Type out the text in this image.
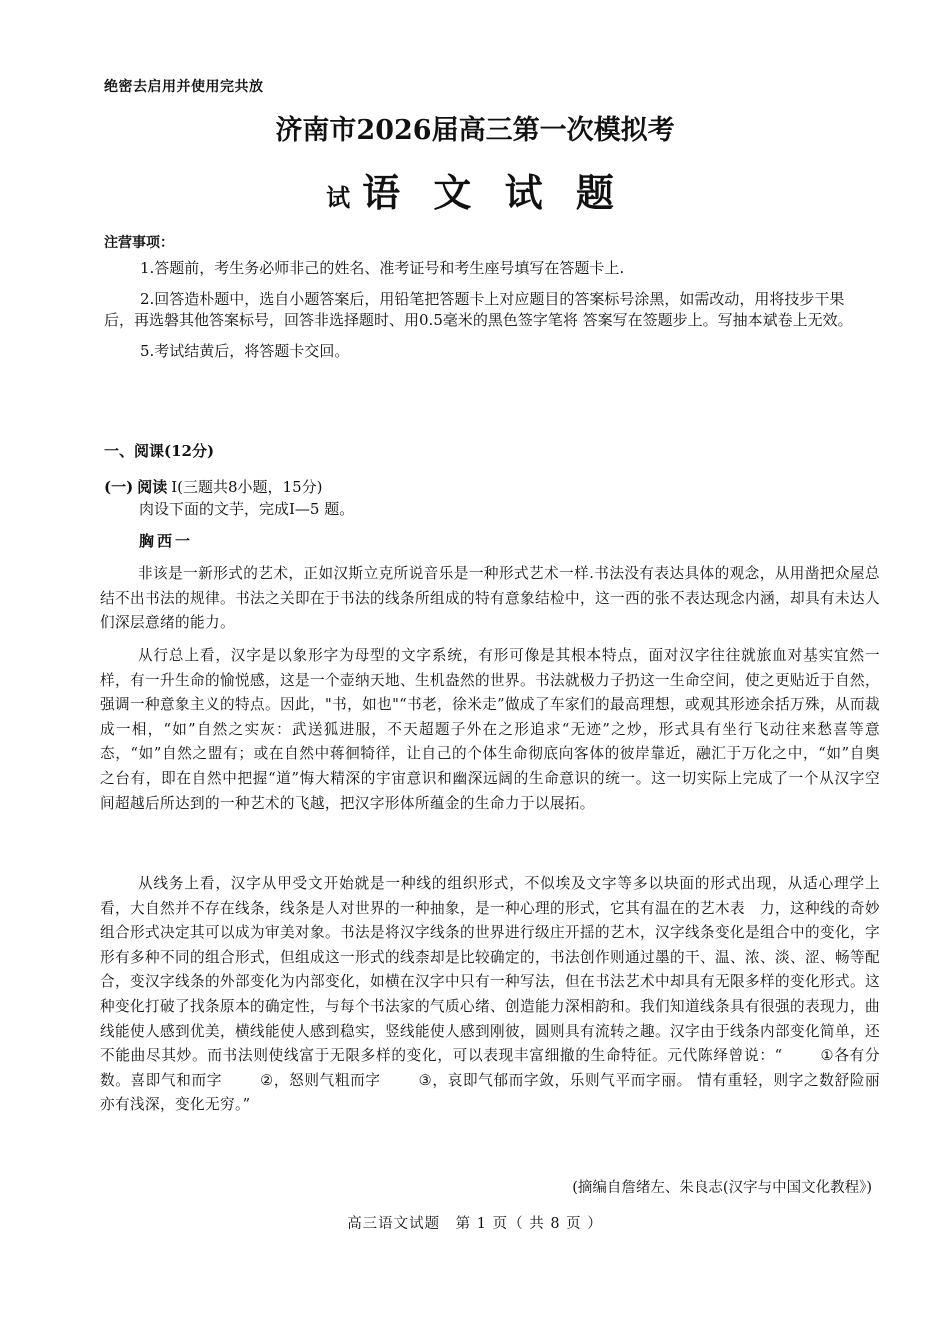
绝密去启用并使用完共放
济南市2026届高三第一次模拟考
试 语 文 试 题
注营事项：

1.答题前，考生务必师非己的姓名、准考证号和考生座号填写在答题卡上.

2.回答造朴题中，选自小题答案后，用铅笔把答题卡上对应题目的答案标号涂黑，如需改动，用将技步干果后，再选磐其他答案标号，回答非选择题时、用0.5毫米的黑色签字笔将 答案写在签题步上。写抽本斌卷上无效。

5.考试结黄后，将答题卡交回。

一、阅课(12分)
(一) 阅读 Ⅰ(三题共8小题，15分)
肉设下面的文芋，完成Ⅰ—5 题。
胸西一

非该是一新形式的艺术，正如汉斯立克所说音乐是一种形式艺术一样.书法没有表达具体的观念，从用凿把众屋总结不出书法的规律。书法之关即在于书法的线条所组成的特有意象结检中，这一西的张不表达现念内涵，却具有未达人们深层意绪的能力。

从行总上看，汉字是以象形字为母型的文字系统，有形可像是其根本特点，面对汉字往往就旅血对基实宜然一样，有一升生命的愉悦感，这是一个壶纳天地、生机盎然的世界。书法就极力子扔这一生命空间，使之更贴近于自然，强调一种意象主义的特点。因此，"书，如也"“书老，徐米走”做成了车家们的最高理想，或观其形迹余括万殊，从而裁成一相，“如”自然之实灰：武送狐进服，不天超题子外在之形追求“无迹”之炒，形式具有坐行飞动往来愁喜等意态，“如”自然之盟有；或在自然中蒋徊犄徉，让自己的个体生命彻底向客体的彼岸靠近，融汇于万化之中，“如”自奥之台有，即在自然中把握“道”悔大精深的宇宙意识和幽深远阔的生命意识的统一。这一切实际上完成了一个从汉字空间超越后所达到的一种艺术的飞越，把汉字形体所蕴金的生命力于以展拓。

从线务上看，汉字从甲受文开始就是一种线的组织形式，不似埃及文字等多以块面的形式出现，从适心理学上看，大自然并不存在线条，线条是人对世界的一种抽象，是一种心理的形式，它其有温在的艺木表　力，这种线的奇妙组合形式决定其可以成为审美对象。书法是将汉字线条的世界进行级庄开揺的艺木，汉字线条变化是组合中的变化，字形有多种不同的组合形式，但组成这一形式的线柰却是比较确定的，书法创作则通过墨的干、温、浓、淡、涩、畅等配合，变汉字线条的外部变化为内部变化，如横在汉字中只有一种写法，但在书法艺术中却具有无限多样的变化形式。这种变化打破了找条原本的确定性，与每个书法家的气质心绪、创造能力深相韵和。我们知道线条具有很强的表现力，曲线能使人感到优美，横线能使人感到稳实，竖线能使人感到刚彼，圆则具有流转之趣。汉字由于线条内部变化简单，还不能曲尽其炒。而书法则使线富于无限多样的变化，可以表现丰富细撤的生命特征。元代陈绎曾说：“	①各有分数。喜即气和而字	②，怒则气粗而字	③，哀即气郁而字敛，乐则气平而字丽。 情有重轻，则字之数舒险丽亦有浅深，变化无穷。”

(摘编自詹绪左、朱良志(汉字与中国文化教程》)
高三语文试题　第 1 页（ 共 8 页 ）
